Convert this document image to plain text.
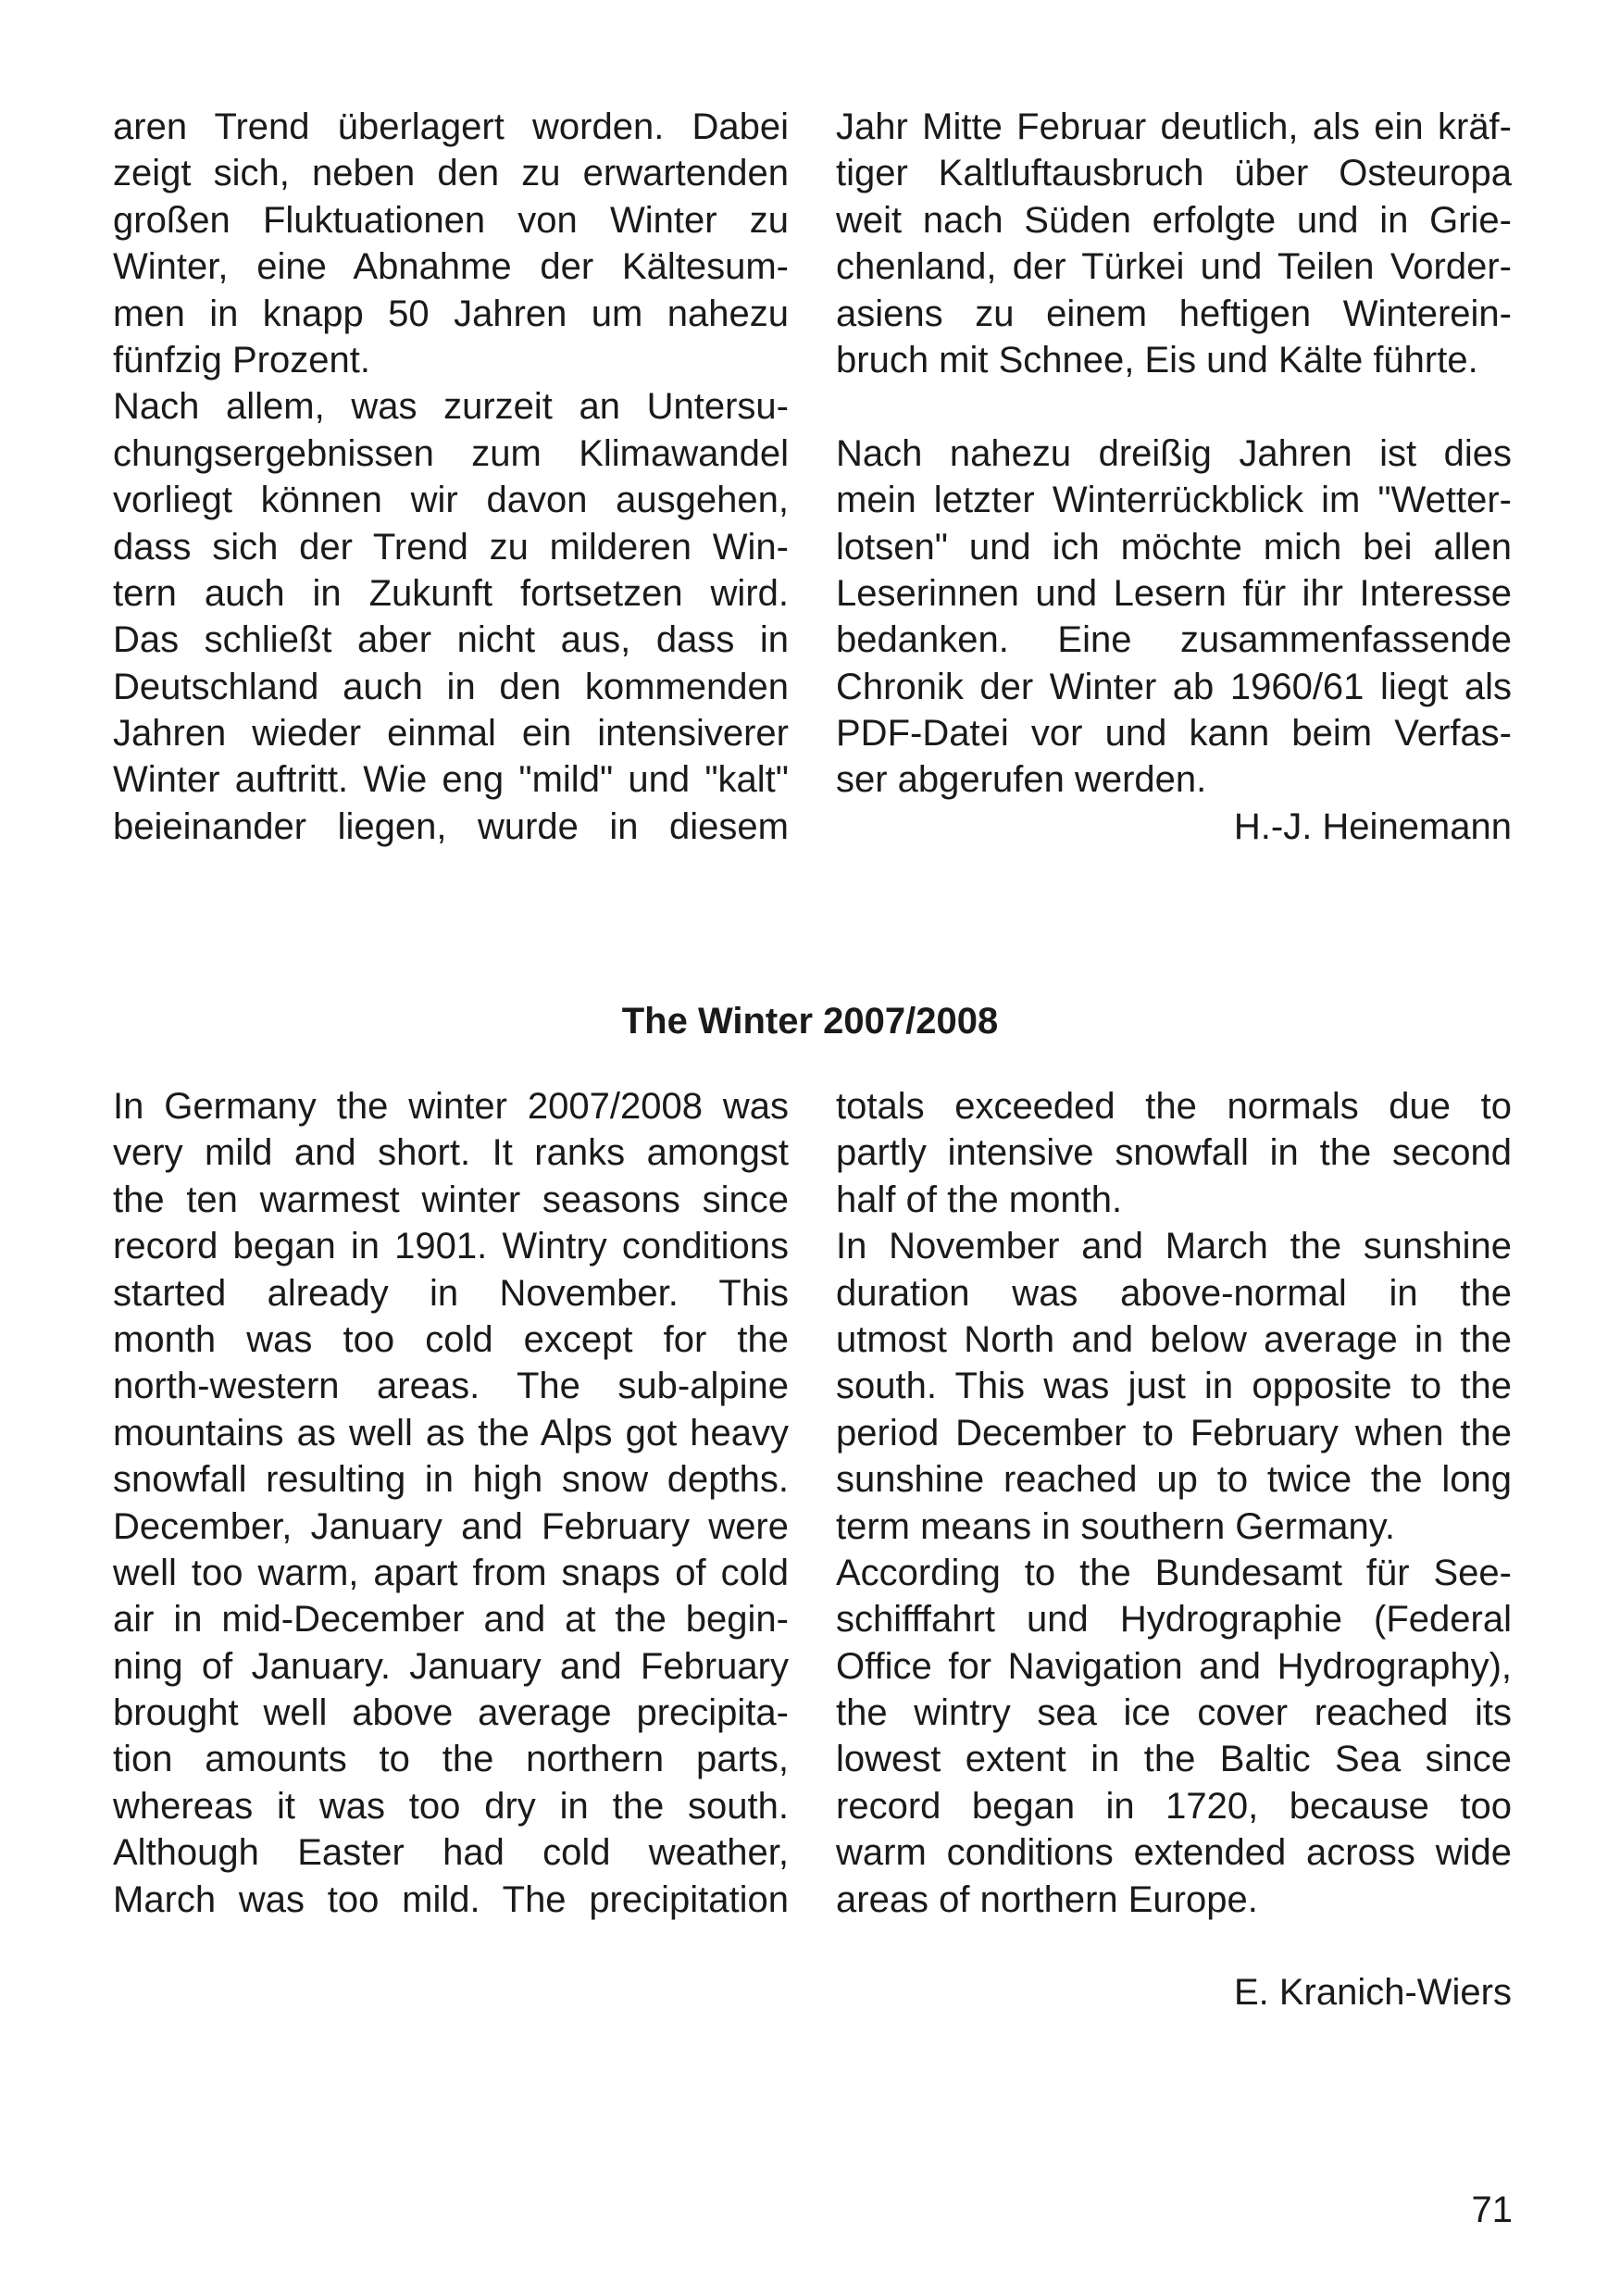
aren Trend überlagert worden. Dabei
zeigt sich, neben den zu erwartenden
großen Fluktuationen von Winter zu
Winter, eine Abnahme der Kältesum-
men in knapp 50 Jahren um nahezu
fünfzig Prozent.
Nach allem, was zurzeit an Untersu-
chungsergebnissen zum Klimawandel
vorliegt können wir davon ausgehen,
dass sich der Trend zu milderen Win-
tern auch in Zukunft fortsetzen wird.
Das schließt aber nicht aus, dass in
Deutschland auch in den kommenden
Jahren wieder einmal ein intensiverer
Winter auftritt. Wie eng "mild" und "kalt"
beieinander liegen, wurde in diesem
Jahr Mitte Februar deutlich, als ein kräf-
tiger Kaltluftausbruch über Osteuropa
weit nach Süden erfolgte und in Grie-
chenland, der Türkei und Teilen Vorder-
asiens zu einem heftigen Winterein-
bruch mit Schnee, Eis und Kälte führte.
Nach nahezu dreißig Jahren ist dies
mein letzter Winterrückblick im "Wetter-
lotsen" und ich möchte mich bei allen
Leserinnen und Lesern für ihr Interesse
bedanken. Eine zusammenfassende
Chronik der Winter ab 1960/61 liegt als
PDF-Datei vor und kann beim Verfas-
ser abgerufen werden.
H.-J. Heinemann
The Winter 2007/2008
In Germany the winter 2007/2008 was
very mild and short. It ranks amongst
the ten warmest winter seasons since
record began in 1901. Wintry conditions
started already in November. This
month was too cold except for the
north-western areas. The sub-alpine
mountains as well as the Alps got heavy
snowfall resulting in high snow depths.
December, January and February were
well too warm, apart from snaps of cold
air in mid-December and at the begin-
ning of January. January and February
brought well above average precipita-
tion amounts to the northern parts,
whereas it was too dry in the south.
Although Easter had cold weather,
March was too mild. The precipitation
totals exceeded the normals due to
partly intensive snowfall in the second
half of the month.
In November and March the sunshine
duration was above-normal in the
utmost North and below average in the
south. This was just in opposite to the
period December to February when the
sunshine reached up to twice the long
term means in southern Germany.
According to the Bundesamt für See-
schifffahrt und Hydrographie (Federal
Office for Navigation and Hydrography),
the wintry sea ice cover reached its
lowest extent in the Baltic Sea since
record began in 1720, because too
warm conditions extended across wide
areas of northern Europe.
E. Kranich-Wiers
71
